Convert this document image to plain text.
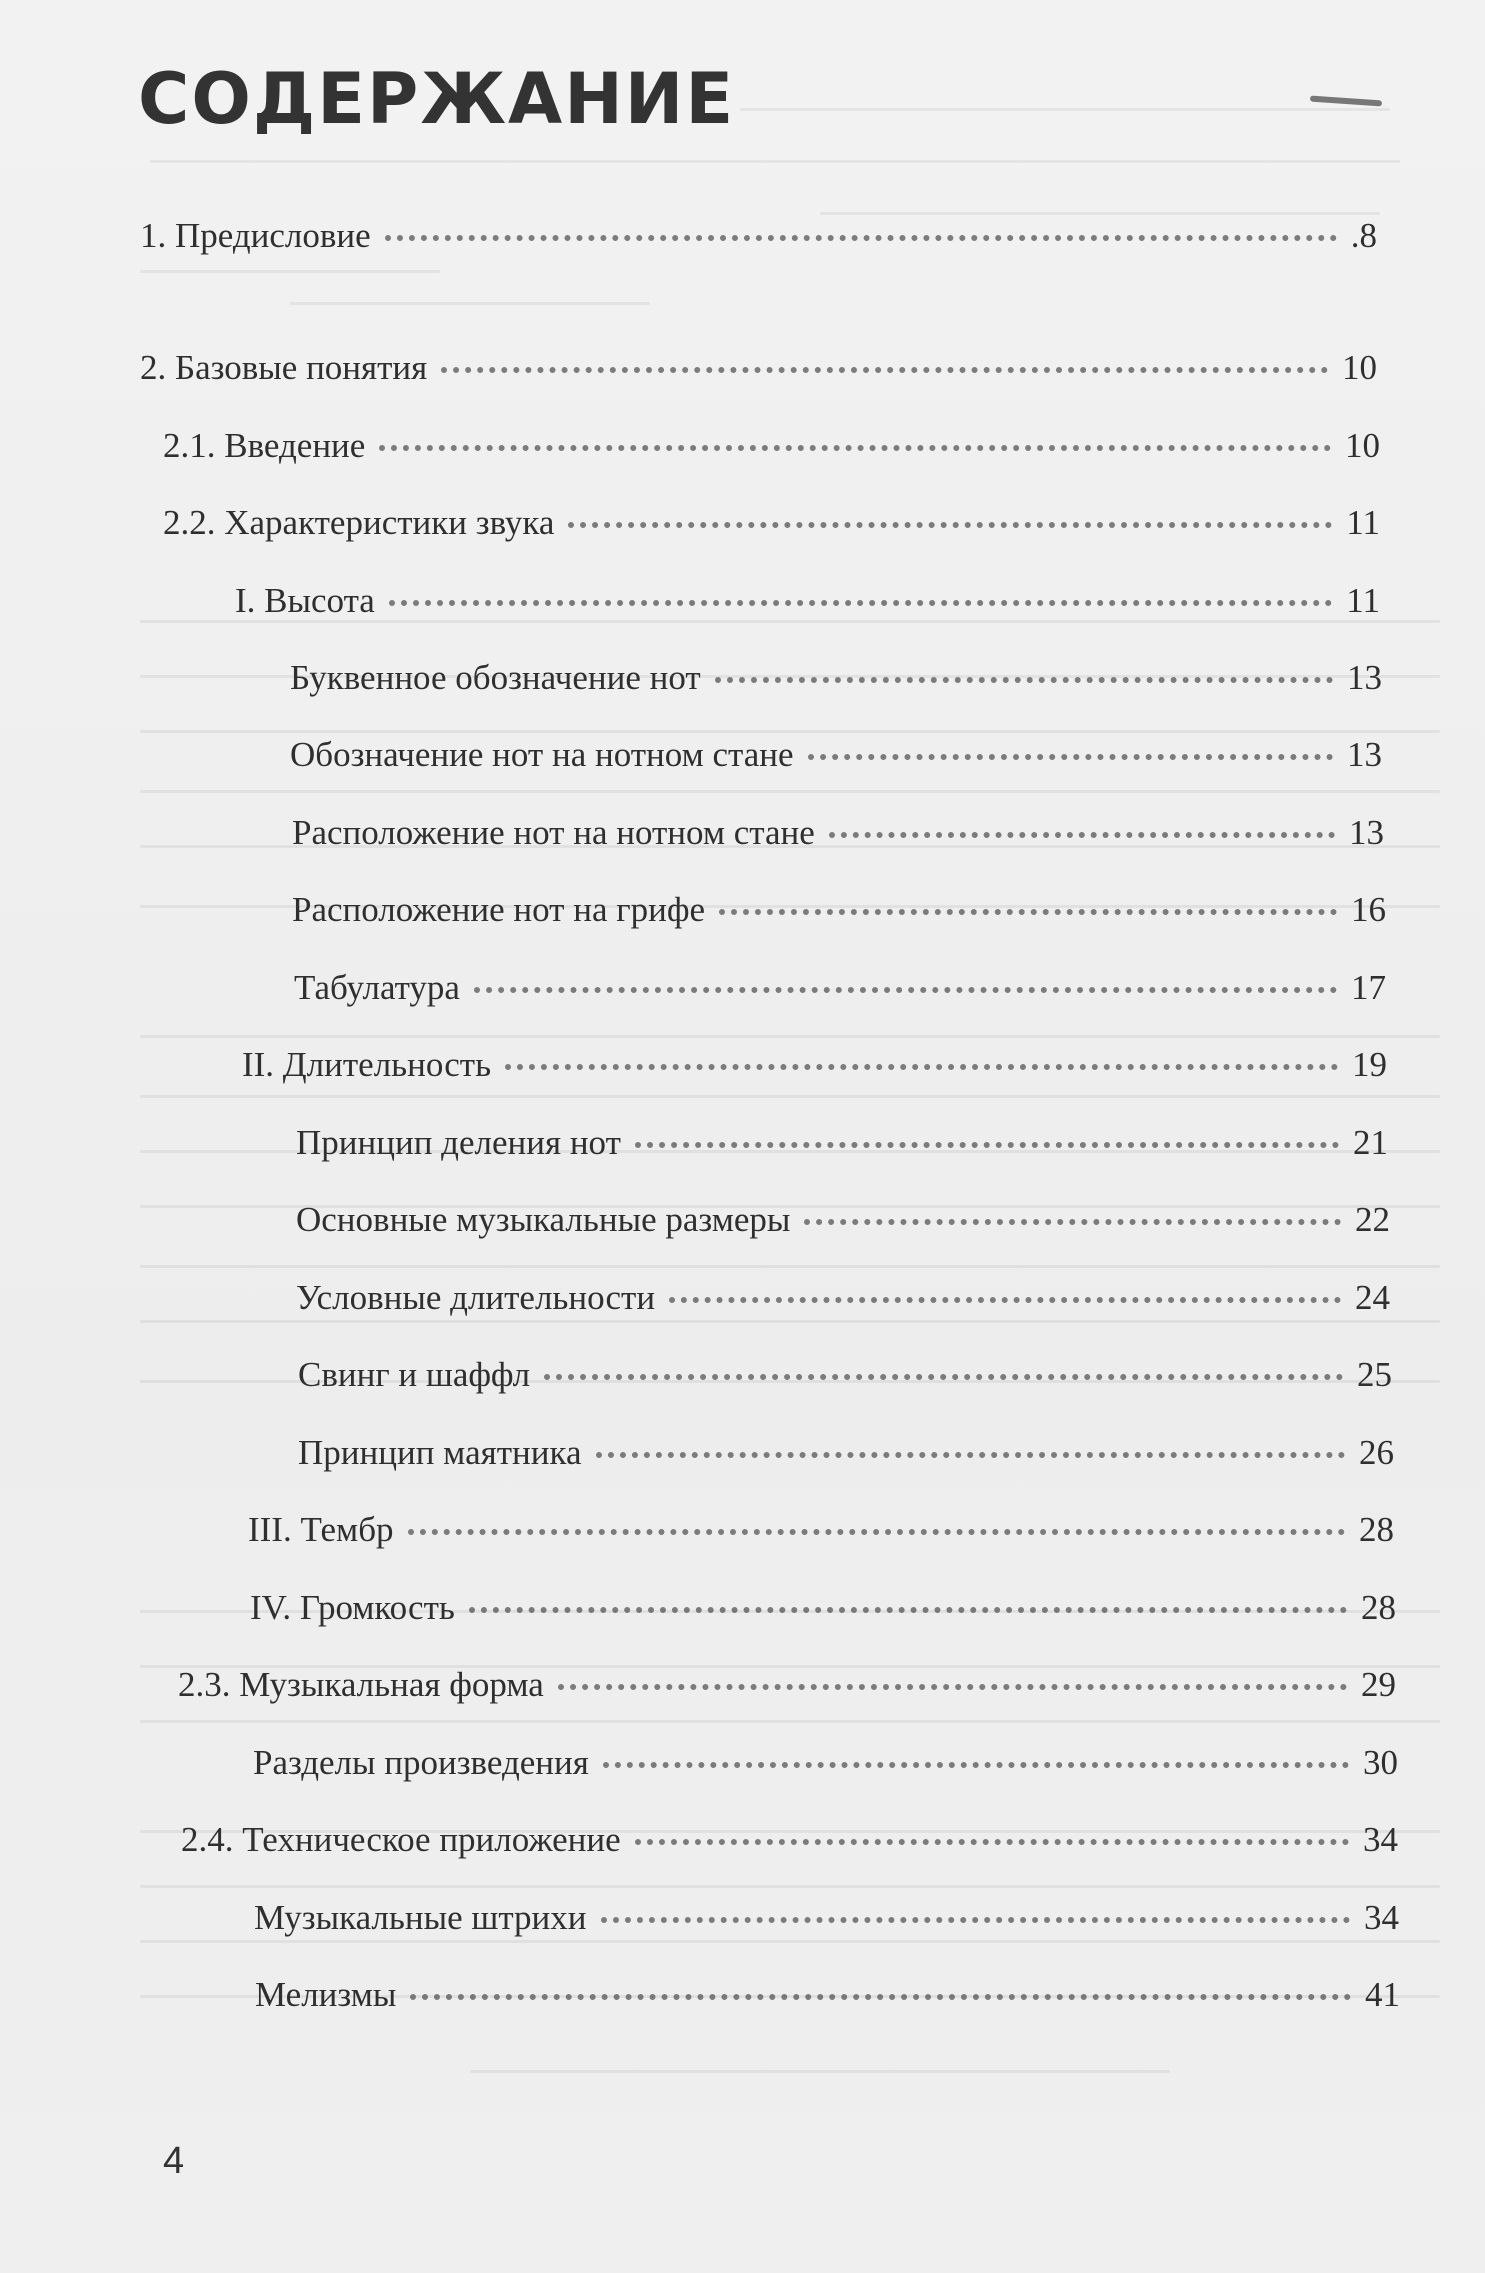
СОДЕРЖАНИЕ
1. Предисловие	.8
2. Базовые понятия	10
2.1. Введение	10
2.2. Характеристики звука	11
I. Высота	11
Буквенное обозначение нот	13
Обозначение нот на нотном стане	13
Расположение нот на нотном стане	13
Расположение нот на грифе	16
Табулатура	17
II. Длительность	19
Принцип деления нот	21
Основные музыкальные размеры	22
Условные длительности	24
Свинг и шаффл	25
Принцип маятника	26
III. Тембр	28
IV. Громкость	28
2.3. Музыкальная форма	29
Разделы произведения	30
2.4. Техническое приложение	34
Музыкальные штрихи	34
Мелизмы	41
4
